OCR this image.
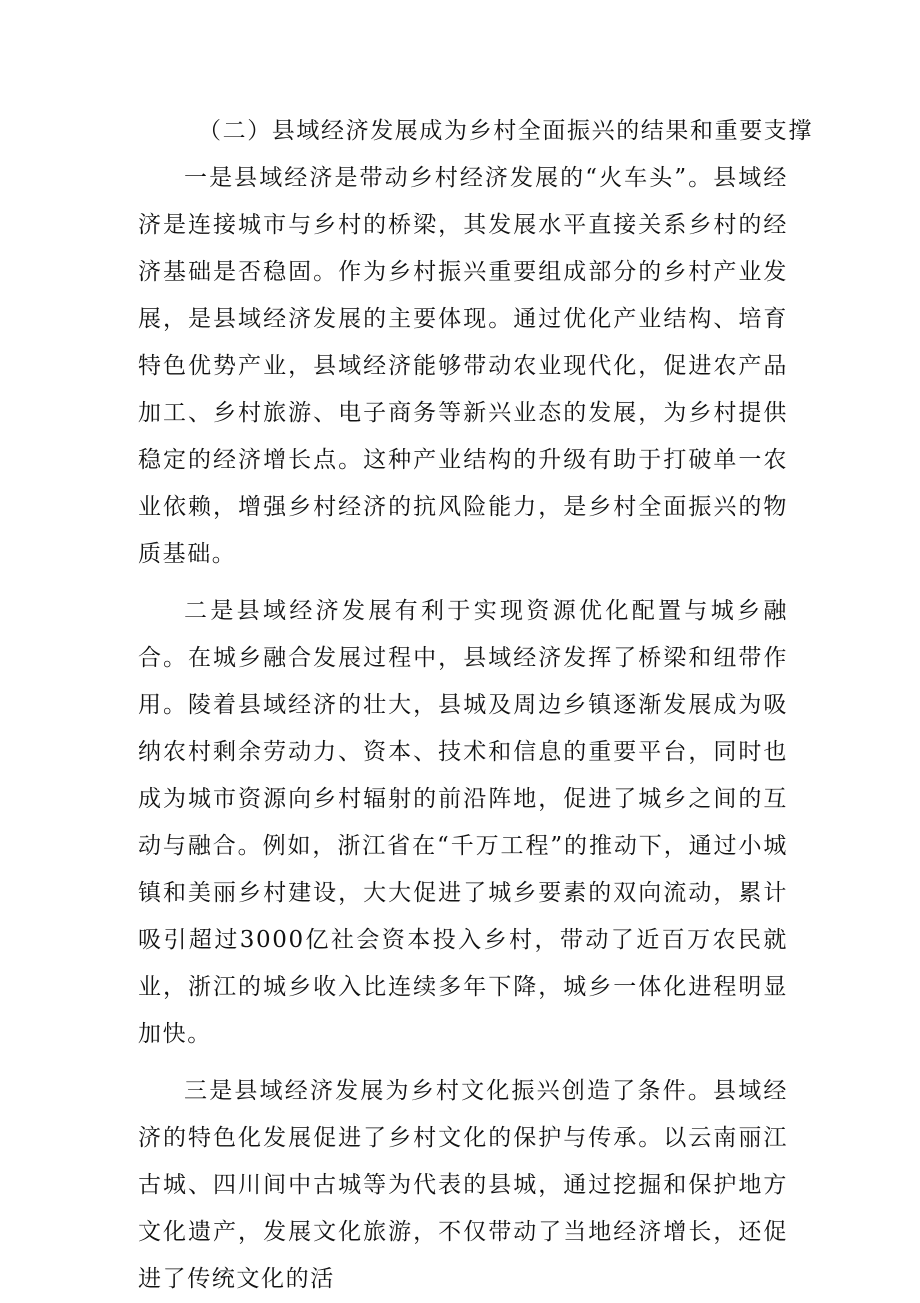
（二）县域经济发展成为乡村全面振兴的结果和重要支撑

一是县域经济是带动乡村经济发展的“火车头”。县域经济是连接城市与乡村的桥梁，其发展水平直接关系乡村的经济基础是否稳固。作为乡村振兴重要组成部分的乡村产业发展，是县域经济发展的主要体现。通过优化产业结构、培育特色优势产业，县域经济能够带动农业现代化，促进农产品加工、乡村旅游、电子商务等新兴业态的发展，为乡村提供稳定的经济增长点。这种产业结构的升级有助于打破单一农业依赖，增强乡村经济的抗风险能力，是乡村全面振兴的物质基础。

二是县域经济发展有利于实现资源优化配置与城乡融合。在城乡融合发展过程中，县域经济发挥了桥梁和纽带作用。陵着县域经济的壮大，县城及周边乡镇逐渐发展成为吸纳农村剩余劳动力、资本、技术和信息的重要平台，同时也成为城市资源向乡村辐射的前沿阵地，促进了城乡之间的互动与融合。例如，浙江省在“千万工程”的推动下，通过小城镇和美丽乡村建设，大大促进了城乡要素的双向流动，累计吸引超过3000亿社会资本投入乡村，带动了近百万农民就业，浙江的城乡收入比连续多年下降，城乡一体化进程明显加快。

三是县域经济发展为乡村文化振兴创造了条件。县域经济的特色化发展促进了乡村文化的保护与传承。以云南丽江古城、四川间中古城等为代表的县城，通过挖掘和保护地方文化遗产，发展文化旅游，不仅带动了当地经济增长，还促进了传统文化的活
